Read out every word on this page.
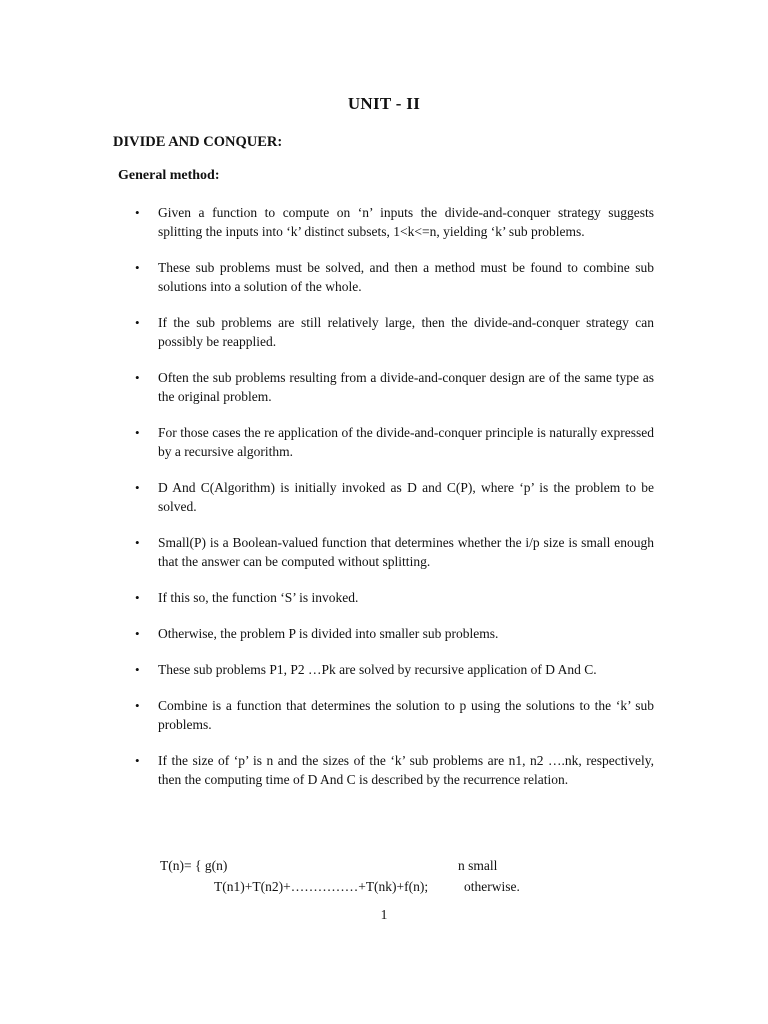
UNIT - II
DIVIDE AND CONQUER:
General method:
• Given a function to compute on ‘n’ inputs the divide-and-conquer strategy suggests splitting the inputs into ‘k’ distinct subsets, 1<k<=n, yielding ‘k’ sub problems.
• These sub problems must be solved, and then a method must be found to combine sub solutions into a solution of the whole.
• If the sub problems are still relatively large, then the divide-and-conquer strategy can possibly be reapplied.
• Often the sub problems resulting from a divide-and-conquer design are of the same type as the original problem.
• For those cases the re application of the divide-and-conquer principle is naturally expressed by a recursive algorithm.
• D And C(Algorithm) is initially invoked as D and C(P), where ‘p’ is the problem to be solved.
• Small(P) is a Boolean-valued function that determines whether the i/p size is small enough that the answer can be computed without splitting.
• If this so, the function ‘S’ is invoked.
• Otherwise, the problem P is divided into smaller sub problems.
• These sub problems P1, P2 …Pk are solved by recursive application of D And C.
• Combine is a function that determines the solution to p using the solutions to the ‘k’ sub problems.
• If the size of ‘p’ is n and the sizes of the ‘k’ sub problems are n1, n2 ….nk, respectively, then the computing time of D And C is described by the recurrence relation.
T(n)= { g(n)	n small
T(n1)+T(n2)+……………+T(nk)+f(n);	otherwise.
1
